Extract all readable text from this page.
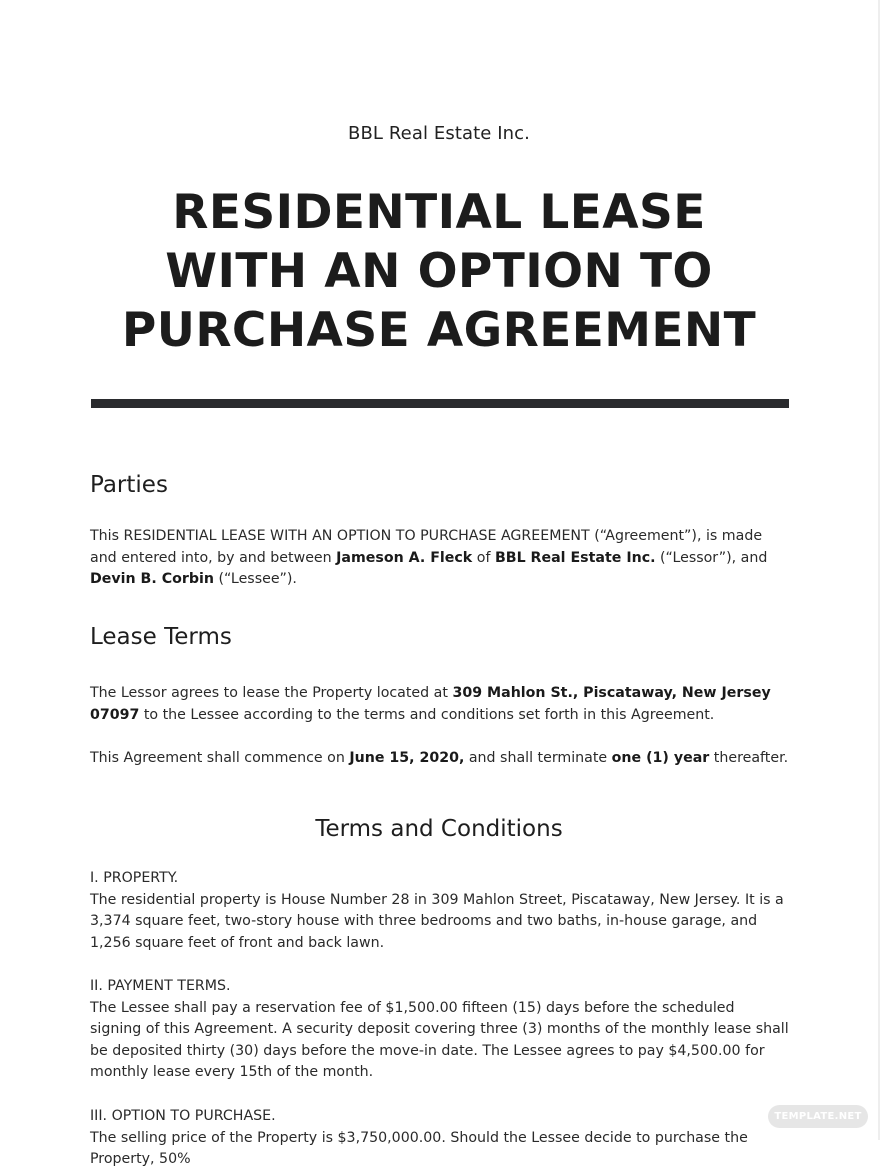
BBL Real Estate Inc.
RESIDENTIAL LEASE
WITH AN OPTION TO
PURCHASE AGREEMENT
Parties
This RESIDENTIAL LEASE WITH AN OPTION TO PURCHASE AGREEMENT (“Agreement”), is made and entered into, by and between Jameson A. Fleck of BBL Real Estate Inc. (“Lessor”), and Devin B. Corbin (“Lessee”).
Lease Terms
The Lessor agrees to lease the Property located at 309 Mahlon St., Piscataway, New Jersey 07097 to the Lessee according to the terms and conditions set forth in this Agreement.
This Agreement shall commence on June 15, 2020, and shall terminate one (1) year thereafter.
Terms and Conditions
I. PROPERTY.
The residential property is House Number 28 in 309 Mahlon Street, Piscataway, New Jersey. It is a 3,374 square feet, two-story house with three bedrooms and two baths, in-house garage, and 1,256 square feet of front and back lawn.
II. PAYMENT TERMS.
The Lessee shall pay a reservation fee of $1,500.00 fifteen (15) days before the scheduled signing of this Agreement. A security deposit covering three (3) months of the monthly lease shall be deposited thirty (30) days before the move-in date. The Lessee agrees to pay $4,500.00 for monthly lease every 15th of the month.
III. OPTION TO PURCHASE.
The selling price of the Property is $3,750,000.00. Should the Lessee decide to purchase the Property, 50%
TEMPLATE.NET
